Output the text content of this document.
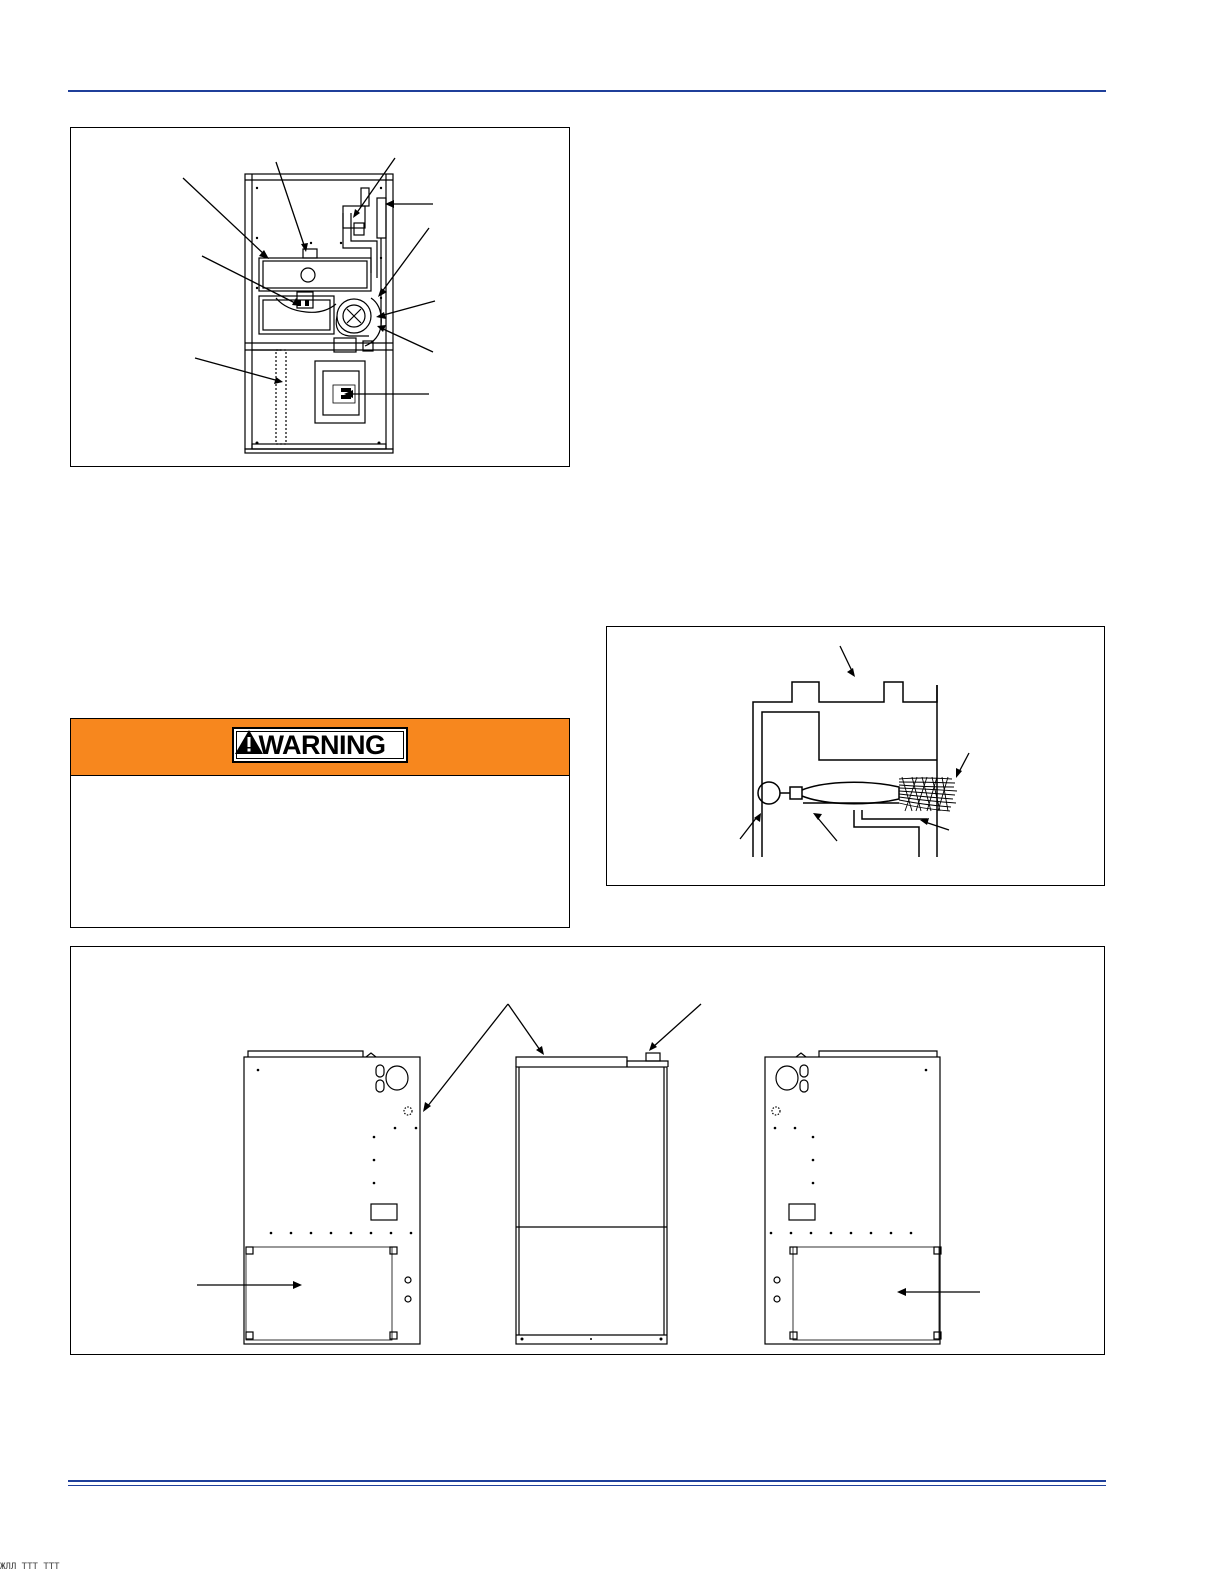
WARNING
ЖЛЛ ТТТ ТТТ
